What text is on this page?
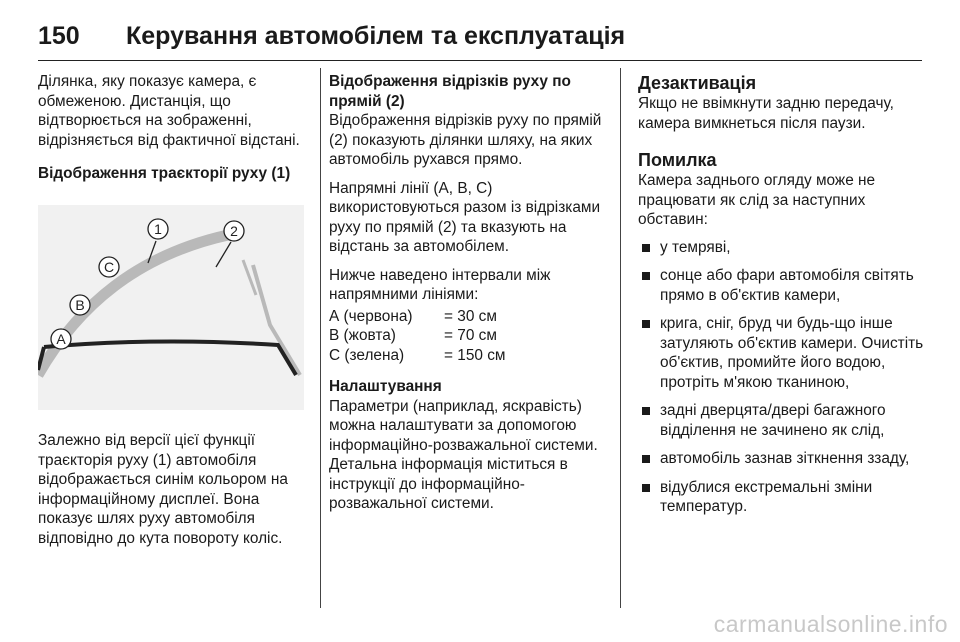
150	Керування автомобілем та експлуатація

Ділянка, яку показує камера, є обмеженою. Дистанція, що відтворюється на зображенні, відрізняється від фактичної відстані.

Відображення траєкторії руху (1)

1	2
C
B
A

Залежно від версії цієї функції траєкторія руху (1) автомобіля відображається синім кольором на інформаційному дисплеї. Вона показує шлях руху автомобіля відповідно до кута повороту коліс.

Відображення відрізків руху по прямій (2)

Відображення відрізків руху по прямій (2) показують ділянки шляху, на яких автомобіль рухався прямо.

Напрямні лінії (A, B, C) використовуються разом із відрізками руху по прямій (2) та вказують на відстань за автомобілем.

Нижче наведено інтервали між напрямними лініями:

А (червона)	= 30 см
В (жовта)	= 70 см
С (зелена)	= 150 см

Налаштування

Параметри (наприклад, яскравість) можна налаштувати за допомогою інформаційно-розважальної системи. Детальна інформація міститься в інструкції до інформаційно-розважальної системи.

Дезактивація

Якщо не ввімкнути задню передачу, камера вимкнеться після паузи.

Помилка

Камера заднього огляду може не працювати як слід за наступних обставин:

у темряві,
сонце або фари автомобіля світять прямо в об'єктив камери,
крига, сніг, бруд чи будь-що інше затуляють об'єктив камери. Очистіть об'єктив, промийте його водою, протріть м'якою тканиною,
задні дверцята/двері багажного відділення не зачинено як слід,
автомобіль зазнав зіткнення ззаду,
відублися екстремальні зміни температур.
carmanualsonline.info
